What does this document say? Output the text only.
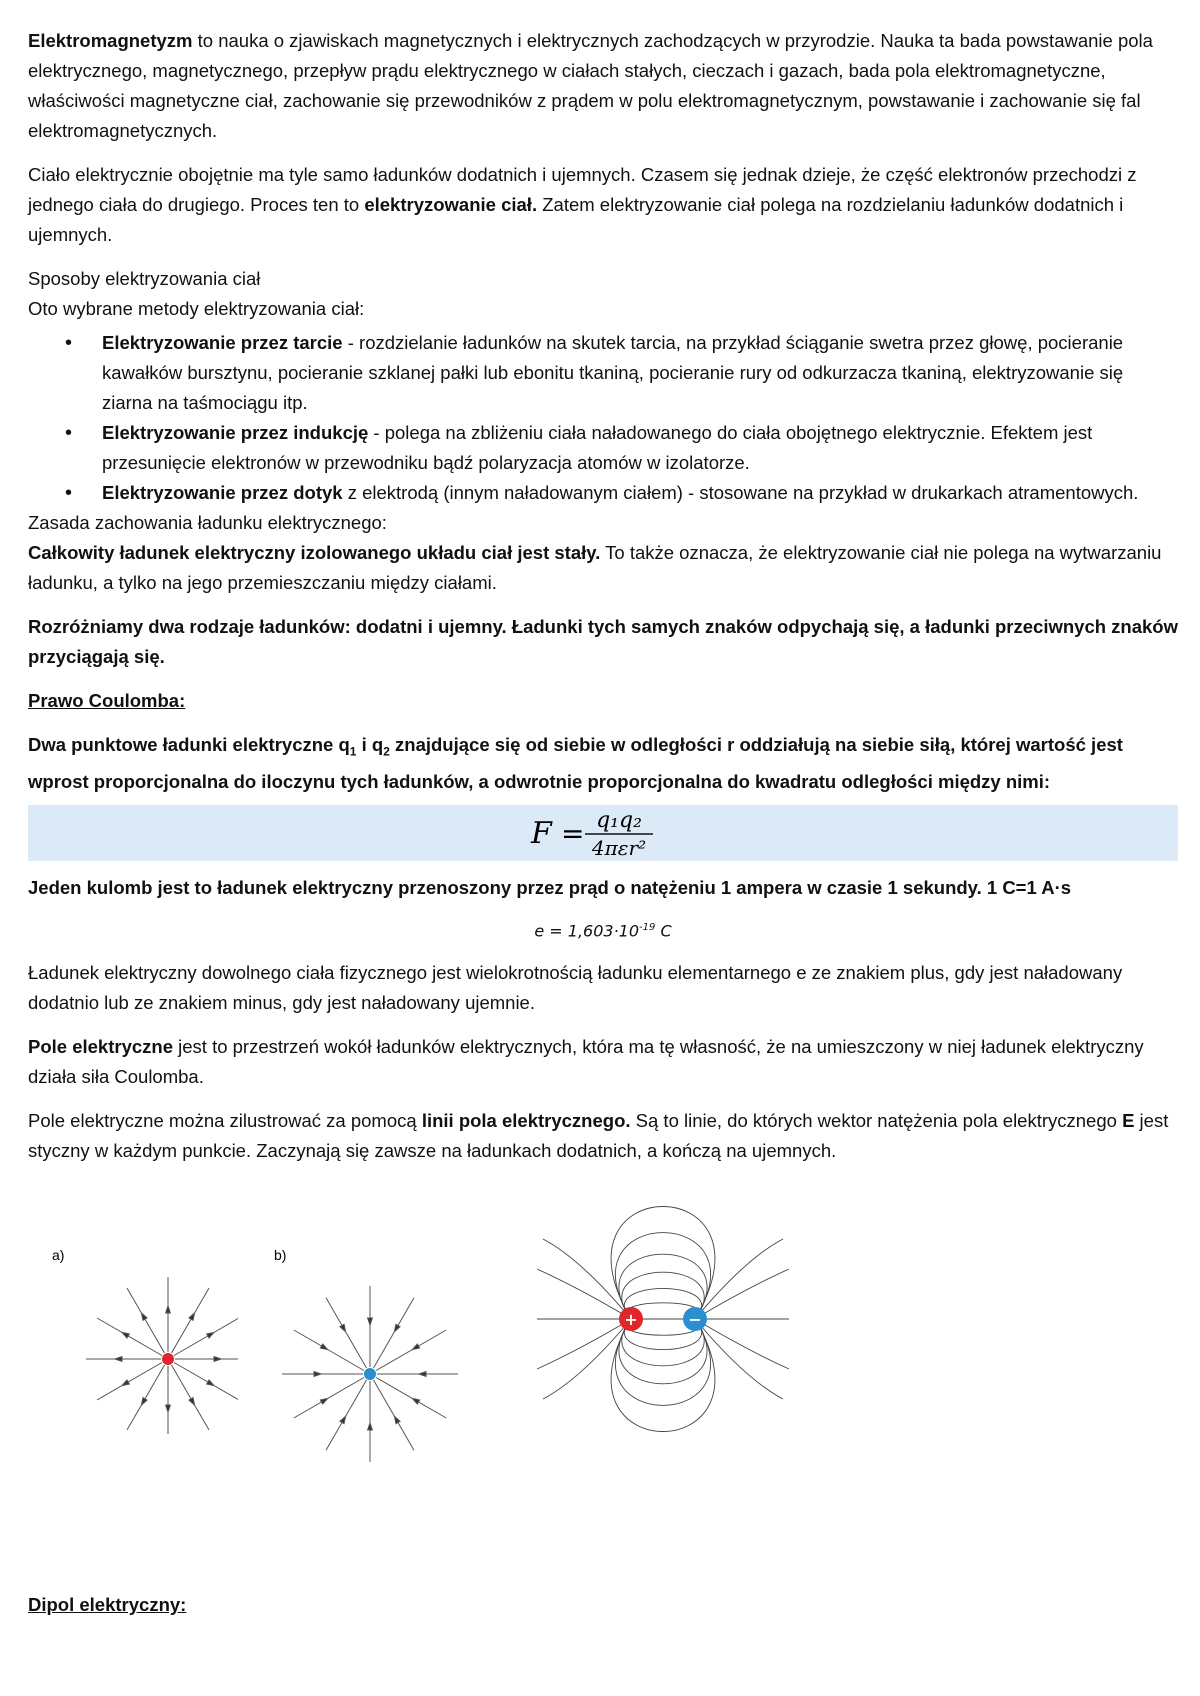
Elektromagnetyzm to nauka o zjawiskach magnetycznych i elektrycznych zachodzących w przyrodzie. Nauka ta bada powstawanie pola elektrycznego, magnetycznego, przepływ prądu elektrycznego w ciałach stałych, cieczach i gazach, bada pola elektromagnetyczne, właściwości magnetyczne ciał, zachowanie się przewodników z prądem w polu elektromagnetycznym, powstawanie i zachowanie się fal elektromagnetycznych.

Ciało elektrycznie obojętnie ma tyle samo ładunków dodatnich i ujemnych. Czasem się jednak dzieje, że część elektronów przechodzi z jednego ciała do drugiego. Proces ten to elektryzowanie ciał. Zatem elektryzowanie ciał polega na rozdzielaniu ładunków dodatnich i ujemnych.

Sposoby elektryzowania ciał

Oto wybrane metody elektryzowania ciał:

• Elektryzowanie przez tarcie - rozdzielanie ładunków na skutek tarcia, na przykład ściąganie swetra przez głowę, pocieranie kawałków bursztynu, pocieranie szklanej pałki lub ebonitu tkaniną, pocieranie rury od odkurzacza tkaniną, elektryzowanie się ziarna na taśmociągu itp.
• Elektryzowanie przez indukcję - polega na zbliżeniu ciała naładowanego do ciała obojętnego elektrycznie. Efektem jest przesunięcie elektronów w przewodniku bądź polaryzacja atomów w izolatorze.
• Elektryzowanie przez dotyk z elektrodą (innym naładowanym ciałem) - stosowane na przykład w drukarkach atramentowych.

Zasada zachowania ładunku elektrycznego:

Całkowity ładunek elektryczny izolowanego układu ciał jest stały. To także oznacza, że elektryzowanie ciał nie polega na wytwarzaniu ładunku, a tylko na jego przemieszczaniu między ciałami.

Rozróżniamy dwa rodzaje ładunków: dodatni i ujemny. Ładunki tych samych znaków odpychają się, a ładunki przeciwnych znaków przyciągają się.

Prawo Coulomba:

Dwa punktowe ładunki elektryczne $q_1$ i $q_2$ znajdujące się od siebie w odległości r oddziałują na siebie siłą, której wartość jest wprost proporcjonalna do iloczynu tych ładunków, a odwrotnie proporcjonalna do kwadratu odległości między nimi:

F = q₁q₂
4πεr²

Jeden kulomb jest to ładunek elektryczny przenoszony przez prąd o natężeniu 1 ampera w czasie 1 sekundy. 1 C=1 A·s

$e = 1,603\cdot 10^{-19}$ C

Ładunek elektryczny dowolnego ciała fizycznego jest wielokrotnością ładunku elementarnego e ze znakiem plus, gdy jest naładowany dodatnio lub ze znakiem minus, gdy jest naładowany ujemnie.

Pole elektryczne jest to przestrzeń wokół ładunków elektrycznych, która ma tę własność, że na umieszczony w niej ładunek elektryczny działa siła Coulomba.

Pole elektryczne można zilustrować za pomocą linii pola elektrycznego. Są to linie, do których wektor natężenia pola elektrycznego E jest styczny w każdym punkcie. Zaczynają się zawsze na ładunkach dodatnich, a kończą na ujemnych.

a)	b)
+	−

Dipol elektryczny:
